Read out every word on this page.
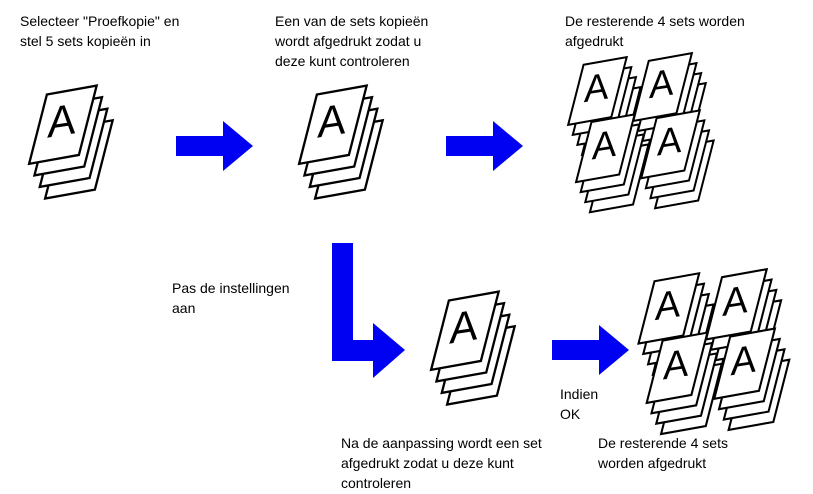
Selecteer "Proefkopie" en
stel 5 sets kopieën in
Een van de sets kopieën
wordt afgedrukt zodat u
deze kunt controleren
De resterende 4 sets worden
afgedrukt
Pas de instellingen
aan
Indien
OK
Na de aanpassing wordt een set
afgedrukt zodat u deze kunt
controleren
De resterende 4 sets
worden afgedrukt
A	A
A
A A
A A
A A
A A
